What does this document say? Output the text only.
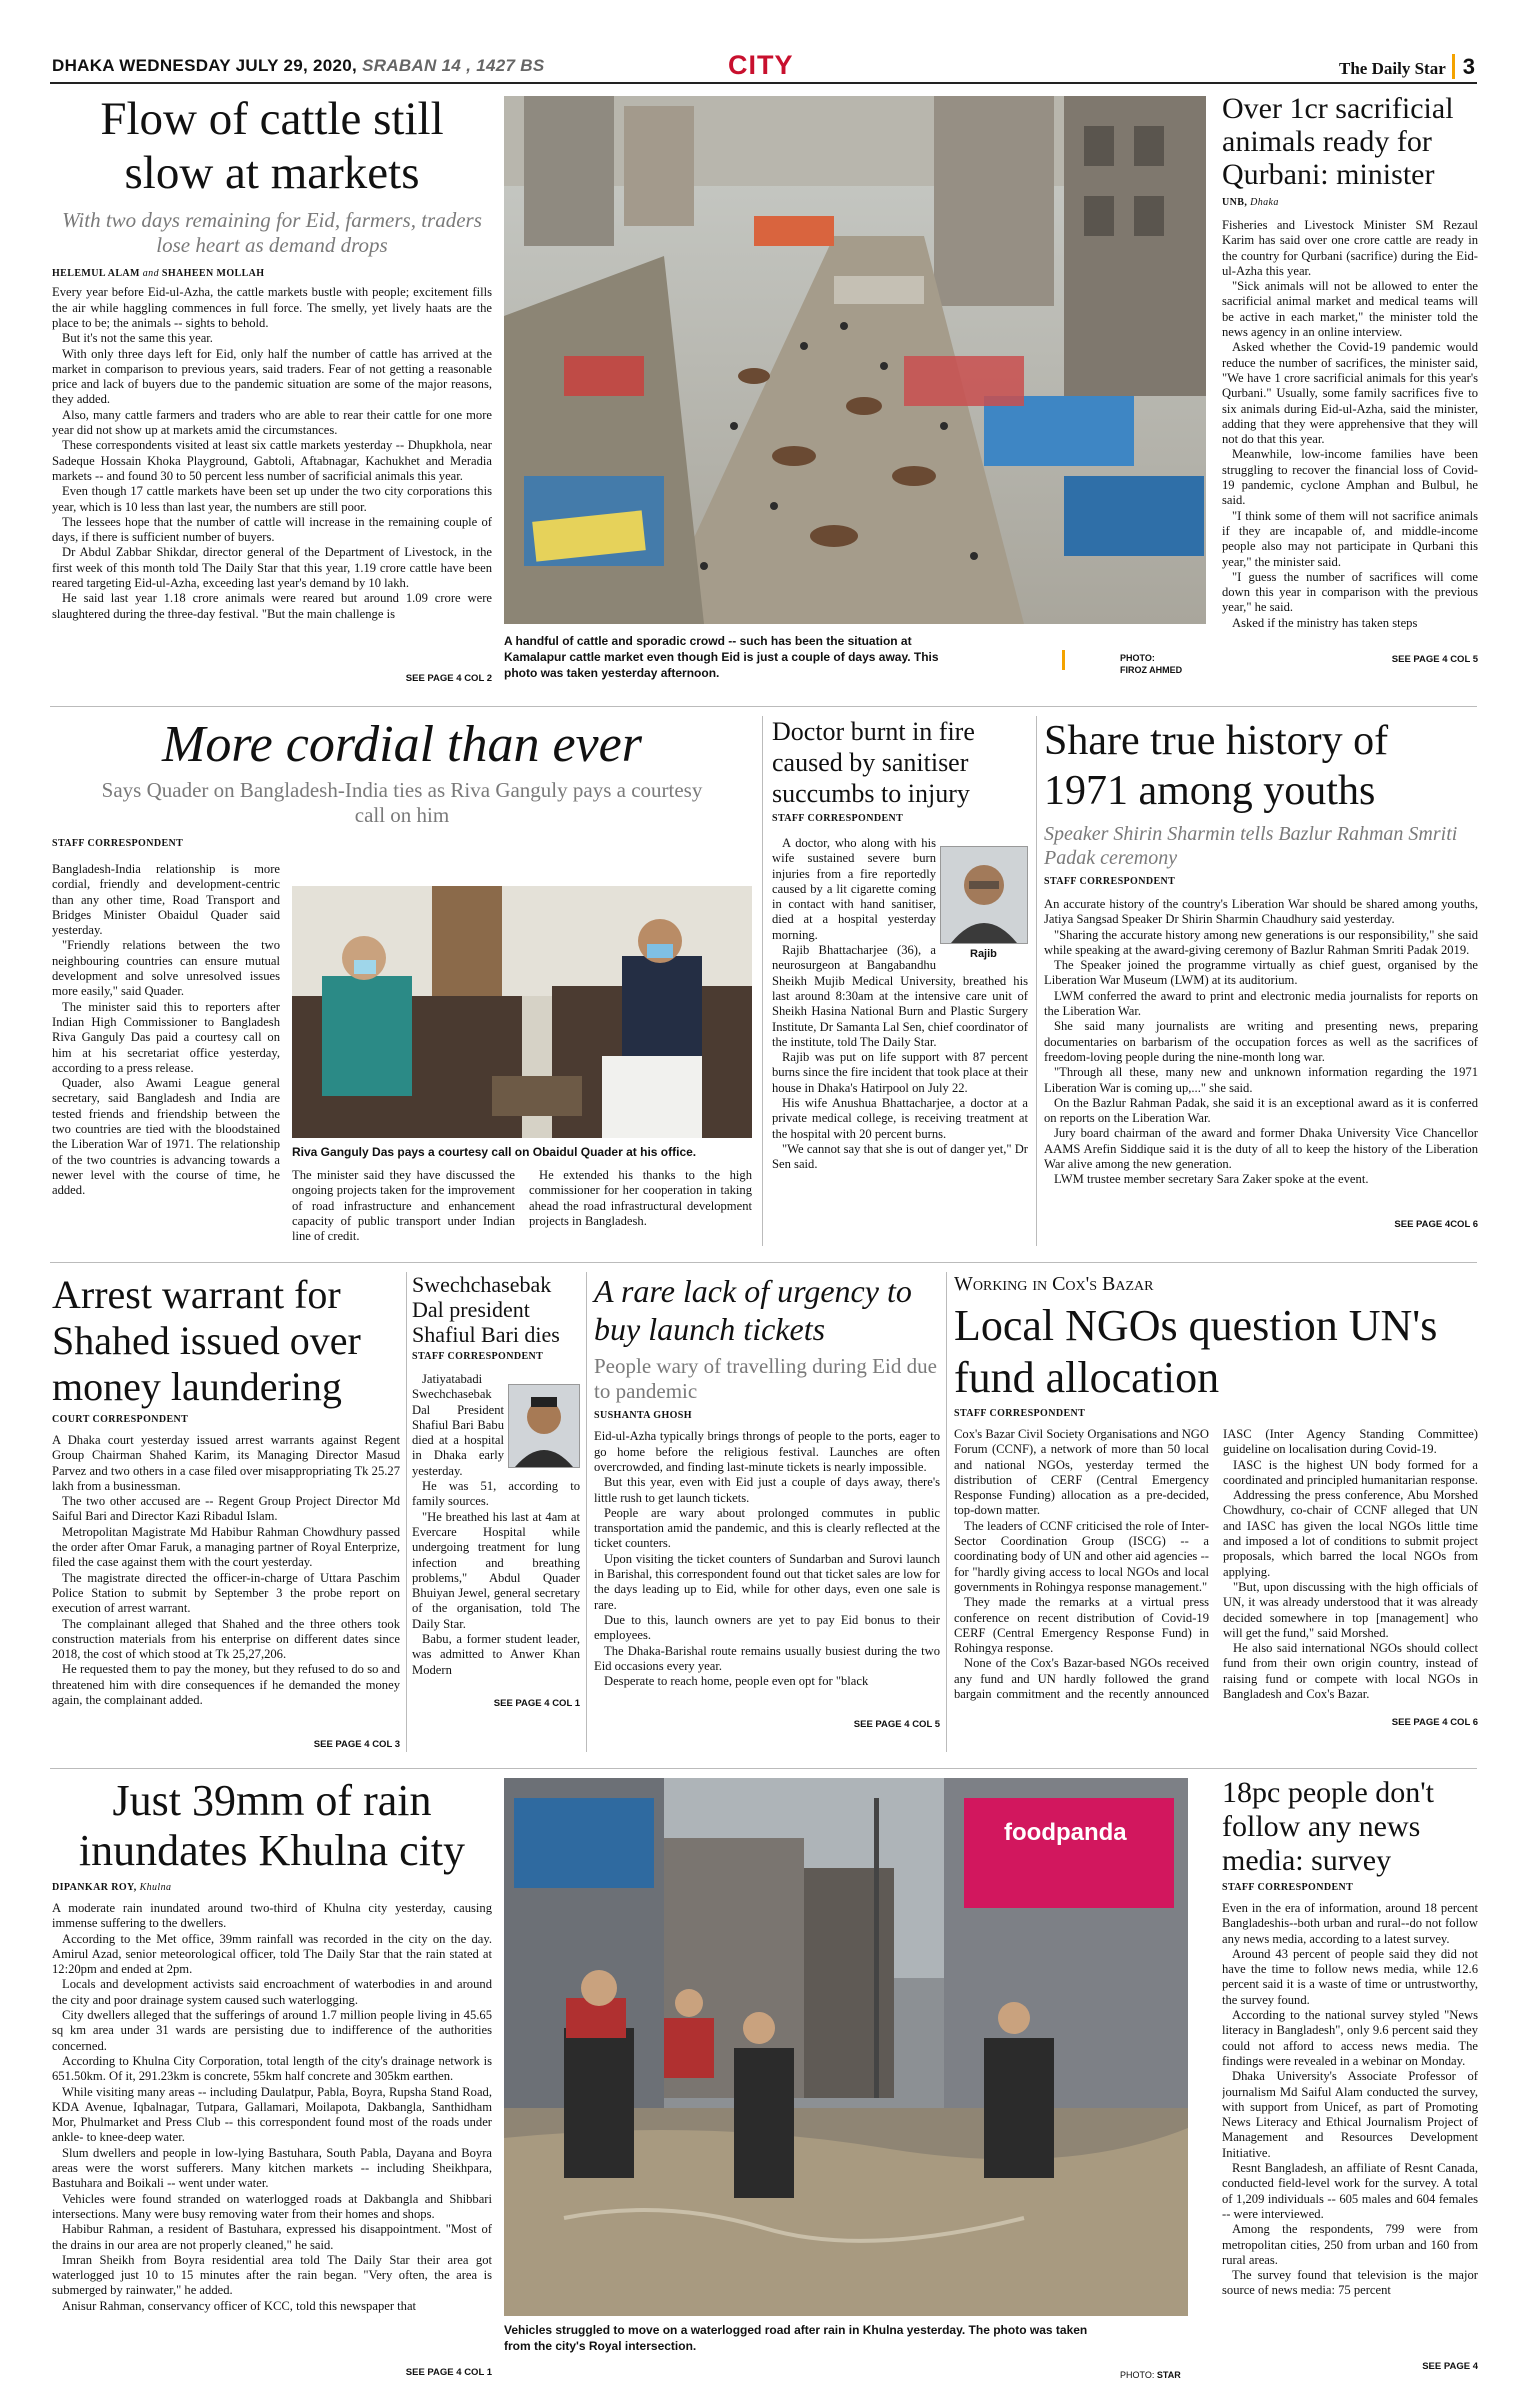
DHAKA WEDNESDAY JULY 29, 2020, SRABAN 14 , 1427 BS	CITY	The Daily Star 3
Flow of cattle still slow at markets
With two days remaining for Eid, farmers, traders lose heart as demand drops
HELEMUL ALAM and SHAHEEN MOLLAH

Every year before Eid-ul-Azha, the cattle markets bustle with people; excitement fills the air while haggling commences in full force. The smelly, yet lively haats are the place to be; the animals -- sights to behold.

But it's not the same this year.

With only three days left for Eid, only half the number of cattle has arrived at the market in comparison to previous years, said traders. Fear of not getting a reasonable price and lack of buyers due to the pandemic situation are some of the major reasons, they added.

Also, many cattle farmers and traders who are able to rear their cattle for one more year did not show up at markets amid the circumstances.

These correspondents visited at least six cattle markets yesterday -- Dhupkhola, near Sadeque Hossain Khoka Playground, Gabtoli, Aftabnagar, Kachukhet and Meradia markets -- and found 30 to 50 percent less number of sacrificial animals this year.

Even though 17 cattle markets have been set up under the two city corporations this year, which is 10 less than last year, the numbers are still poor.

The lessees hope that the number of cattle will increase in the remaining couple of days, if there is sufficient number of buyers.

Dr Abdul Zabbar Shikdar, director general of the Department of Livestock, in the first week of this month told The Daily Star that this year, 1.19 crore cattle have been reared targeting Eid-ul-Azha, exceeding last year's demand by 10 lakh.

He said last year 1.18 crore animals were reared but around 1.09 crore were slaughtered during the three-day festival. "But the main challenge is

SEE PAGE 4 COL 2
A handful of cattle and sporadic crowd -- such has been the situation at Kamalapur cattle market even though Eid is just a couple of days away. This photo was taken yesterday afternoon.
PHOTO:
FIROZ AHMED
Over 1cr sacrificial animals ready for Qurbani: minister
UNB, Dhaka

Fisheries and Livestock Minister SM Rezaul Karim has said over one crore cattle are ready in the country for Qurbani (sacrifice) during the Eid-ul-Azha this year.

"Sick animals will not be allowed to enter the sacrificial animal market and medical teams will be active in each market," the minister told the news agency in an online interview.

Asked whether the Covid-19 pandemic would reduce the number of sacrifices, the minister said, "We have 1 crore sacrificial animals for this year's Qurbani." Usually, some family sacrifices five to six animals during Eid-ul-Azha, said the minister, adding that they were apprehensive that they will not do that this year.

Meanwhile, low-income families have been struggling to recover the financial loss of Covid-19 pandemic, cyclone Amphan and Bulbul, he said.

"I think some of them will not sacrifice animals if they are incapable of, and middle-income people also may not participate in Qurbani this year," the minister said.

"I guess the number of sacrifices will come down this year in comparison with the previous year," he said.

Asked if the ministry has taken steps

SEE PAGE 4 COL 5
More cordial than ever
Says Quader on Bangladesh-India ties as Riva Ganguly pays a courtesy call on him
STAFF CORRESPONDENT

Bangladesh-India relationship is more cordial, friendly and development-centric than any other time, Road Transport and Bridges Minister Obaidul Quader said yesterday.

"Friendly relations between the two neighbouring countries can ensure mutual development and solve unresolved issues more easily," said Quader.

The minister said this to reporters after Indian High Commissioner to Bangladesh Riva Ganguly Das paid a courtesy call on him at his secretariat office yesterday, according to a press release.

Quader, also Awami League general secretary, said Bangladesh and India are tested friends and friendship between the two countries are tied with the bloodstained the Liberation War of 1971. The relationship of the two countries is advancing towards a newer level with the course of time, he added.

Riva Ganguly Das pays a courtesy call on Obaidul Quader at his office.

The minister said they have discussed the ongoing projects taken for the improvement of road infrastructure and enhancement capacity of public transport under Indian line of credit.

He extended his thanks to the high commissioner for her cooperation in taking ahead the road infrastructural development projects in Bangladesh.

Doctor burnt in fire caused by sanitiser succumbs to injury
STAFF CORRESPONDENT
Rajib

A doctor, who along with his wife sustained severe burn injuries from a fire reportedly caused by a lit cigarette coming in contact with hand sanitiser, died at a hospital yesterday morning.

Rajib Bhattacharjee (36), a neurosurgeon at Bangabandhu Sheikh Mujib Medical University, breathed his last around 8:30am at the intensive care unit of Sheikh Hasina National Burn and Plastic Surgery Institute, Dr Samanta Lal Sen, chief coordinator of the institute, told The Daily Star.

Rajib was put on life support with 87 percent burns since the fire incident that took place at their house in Dhaka's Hatirpool on July 22.

His wife Anushua Bhattacharjee, a doctor at a private medical college, is receiving treatment at the hospital with 20 percent burns.

"We cannot say that she is out of danger yet," Dr Sen said.

Share true history of 1971 among youths
Speaker Shirin Sharmin tells Bazlur Rahman Smriti Padak ceremony
STAFF CORRESPONDENT

An accurate history of the country's Liberation War should be shared among youths, Jatiya Sangsad Speaker Dr Shirin Sharmin Chaudhury said yesterday.

"Sharing the accurate history among new generations is our responsibility," she said while speaking at the award-giving ceremony of Bazlur Rahman Smriti Padak 2019.

The Speaker joined the programme virtually as chief guest, organised by the Liberation War Museum (LWM) at its auditorium.

LWM conferred the award to print and electronic media journalists for reports on the Liberation War.

She said many journalists are writing and presenting news, preparing documentaries on barbarism of the occupation forces as well as the sacrifices of freedom-loving people during the nine-month long war.

"Through all these, many new and unknown information regarding the 1971 Liberation War is coming up,..." she said.

On the Bazlur Rahman Padak, she said it is an exceptional award as it is conferred on reports on the Liberation War.

Jury board chairman of the award and former Dhaka University Vice Chancellor AAMS Arefin Siddique said it is the duty of all to keep the history of the Liberation War alive among the new generation.

LWM trustee member secretary Sara Zaker spoke at the event.

SEE PAGE 4COL 6
Arrest warrant for Shahed issued over money laundering
COURT CORRESPONDENT

A Dhaka court yesterday issued arrest warrants against Regent Group Chairman Shahed Karim, its Managing Director Masud Parvez and two others in a case filed over misappropriating Tk 25.27 lakh from a businessman.

The two other accused are -- Regent Group Project Director Md Saiful Bari and Director Kazi Ribadul Islam.

Metropolitan Magistrate Md Habibur Rahman Chowdhury passed the order after Omar Faruk, a managing partner of Royal Enterprize, filed the case against them with the court yesterday.

The magistrate directed the officer-in-charge of Uttara Paschim Police Station to submit by September 3 the probe report on execution of arrest warrant.

The complainant alleged that Shahed and the three others took construction materials from his enterprise on different dates since 2018, the cost of which stood at Tk 25,27,206.

He requested them to pay the money, but they refused to do so and threatened him with dire consequences if he demanded the money again, the complainant added.

SEE PAGE 4 COL 3
Swechchasebak Dal president Shafiul Bari dies
STAFF CORRESPONDENT

Jatiyatabadi Swechchasebak Dal President Shafiul Bari Babu died at a hospital in Dhaka early yesterday.

He was 51, according to family sources.

"He breathed his last at 4am at Evercare Hospital while undergoing treatment for lung infection and breathing problems," Abdul Quader Bhuiyan Jewel, general secretary of the organisation, told The Daily Star.

Babu, a former student leader, was admitted to Anwer Khan Modern

SEE PAGE 4 COL 1
A rare lack of urgency to buy launch tickets
People wary of travelling during Eid due to pandemic
SUSHANTA GHOSH

Eid-ul-Azha typically brings throngs of people to the ports, eager to go home before the religious festival. Launches are often overcrowded, and finding last-minute tickets is nearly impossible.

But this year, even with Eid just a couple of days away, there's little rush to get launch tickets.

People are wary about prolonged commutes in public transportation amid the pandemic, and this is clearly reflected at the ticket counters.

Upon visiting the ticket counters of Sundarban and Surovi launch in Barishal, this correspondent found out that ticket sales are low for the days leading up to Eid, while for other days, even one sale is rare.

Due to this, launch owners are yet to pay Eid bonus to their employees.

The Dhaka-Barishal route remains usually busiest during the two Eid occasions every year.

Desperate to reach home, people even opt for "black

SEE PAGE 4 COL 5
Working in Cox's Bazar
Local NGOs question UN's fund allocation
STAFF CORRESPONDENT

Cox's Bazar Civil Society Organisations and NGO Forum (CCNF), a network of more than 50 local and national NGOs, yesterday termed the distribution of CERF (Central Emergency Response Funding) allocation as a pre-decided, top-down matter.

The leaders of CCNF criticised the role of Inter-Sector Coordination Group (ISCG) -- a coordinating body of UN and other aid agencies -- for "hardly giving access to local NGOs and local governments in Rohingya response management."

They made the remarks at a virtual press conference on recent distribution of Covid-19 CERF (Central Emergency Response Fund) in Rohingya response.

None of the Cox's Bazar-based NGOs received any fund and UN hardly followed the grand bargain commitment and the recently announced IASC (Inter Agency Standing Committee) guideline on localisation during Covid-19.

IASC is the highest UN body formed for a coordinated and principled humanitarian response.

Addressing the press conference, Abu Morshed Chowdhury, co-chair of CCNF alleged that UN and IASC has given the local NGOs little time and imposed a lot of conditions to submit project proposals, which barred the local NGOs from applying.

"But, upon discussing with the high officials of UN, it was already understood that it was already decided somewhere in top [management] who will get the fund," said Morshed.

He also said international NGOs should collect fund from their own origin country, instead of raising fund or compete with local NGOs in Bangladesh and Cox's Bazar.

SEE PAGE 4 COL 6
Just 39mm of rain inundates Khulna city
DIPANKAR ROY, Khulna

A moderate rain inundated around two-third of Khulna city yesterday, causing immense suffering to the dwellers.

According to the Met office, 39mm rainfall was recorded in the city on the day. Amirul Azad, senior meteorological officer, told The Daily Star that the rain stated at 12:20pm and ended at 2pm.

Locals and development activists said encroachment of waterbodies in and around the city and poor drainage system caused such waterlogging.

City dwellers alleged that the sufferings of around 1.7 million people living in 45.65 sq km area under 31 wards are persisting due to indifference of the authorities concerned.

According to Khulna City Corporation, total length of the city's drainage network is 651.50km. Of it, 291.23km is concrete, 55km half concrete and 305km earthen.

While visiting many areas -- including Daulatpur, Pabla, Boyra, Rupsha Stand Road, KDA Avenue, Iqbalnagar, Tutpara, Gallamari, Moilapota, Dakbangla, Santhidham Mor, Phulmarket and Press Club -- this correspondent found most of the roads under ankle- to knee-deep water.

Slum dwellers and people in low-lying Bastuhara, South Pabla, Dayana and Boyra areas were the worst sufferers. Many kitchen markets -- including Sheikhpara, Bastuhara and Boikali -- went under water.

Vehicles were found stranded on waterlogged roads at Dakbangla and Shibbari intersections. Many were busy removing water from their homes and shops.

Habibur Rahman, a resident of Bastuhara, expressed his disappointment. "Most of the drains in our area are not properly cleaned," he said.

Imran Sheikh from Boyra residential area told The Daily Star their area got waterlogged just 10 to 15 minutes after the rain began. "Very often, the area is submerged by rainwater," he added.

Anisur Rahman, conservancy officer of KCC, told this newspaper that

SEE PAGE 4 COL 1
foodpanda
Vehicles struggled to move on a waterlogged road after rain in Khulna yesterday. The photo was taken from the city's Royal intersection.
PHOTO: STAR
18pc people don't follow any news media: survey
STAFF CORRESPONDENT

Even in the era of information, around 18 percent Bangladeshis--both urban and rural--do not follow any news media, according to a latest survey.

Around 43 percent of people said they did not have the time to follow news media, while 12.6 percent said it is a waste of time or untrustworthy, the survey found.

According to the national survey styled "News literacy in Bangladesh", only 9.6 percent said they could not afford to access news media. The findings were revealed in a webinar on Monday.

Dhaka University's Associate Professor of journalism Md Saiful Alam conducted the survey, with support from Unicef, as part of Promoting News Literacy and Ethical Journalism Project of Management and Resources Development Initiative.

Resnt Bangladesh, an affiliate of Resnt Canada, conducted field-level work for the survey. A total of 1,209 individuals -- 605 males and 604 females -- were interviewed.

Among the respondents, 799 were from metropolitan cities, 250 from urban and 160 from rural areas.

The survey found that television is the major source of news media: 75 percent

SEE PAGE 4
